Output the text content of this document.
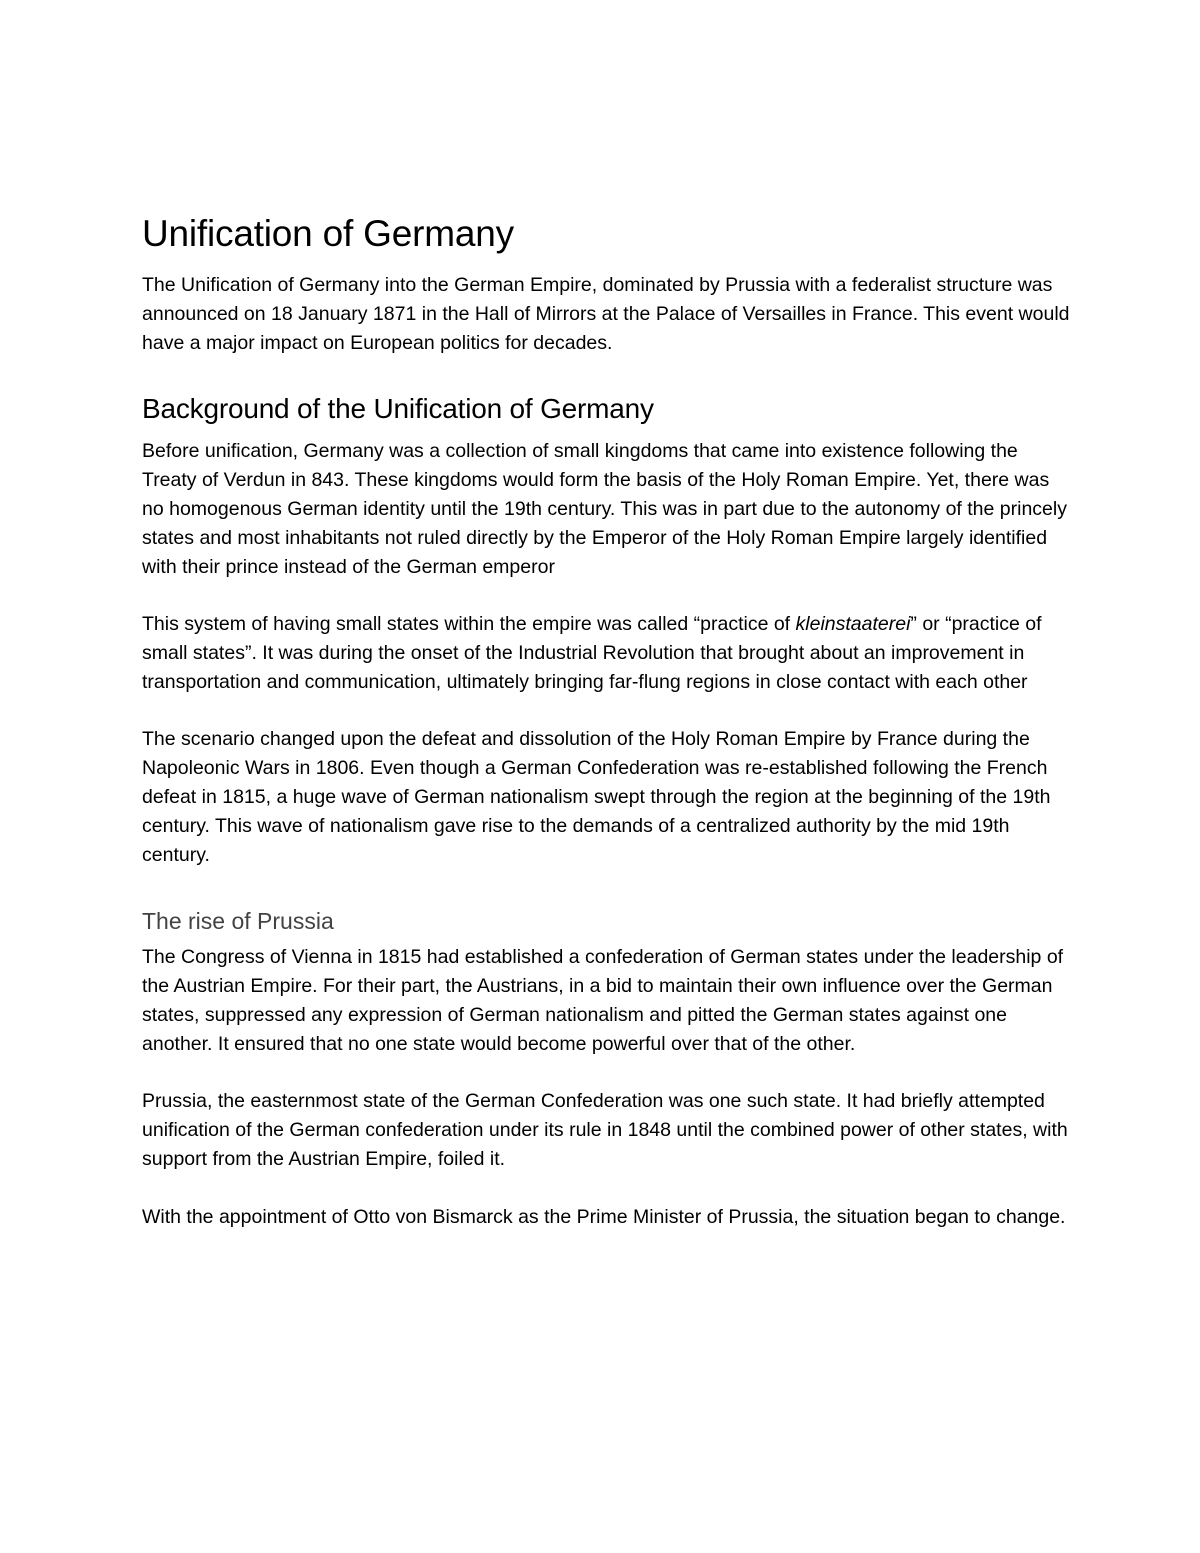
Unification of Germany

The Unification of Germany into the German Empire, dominated by Prussia with a federalist structure was announced on 18 January 1871 in the Hall of Mirrors at the Palace of Versailles in France. This event would have a major impact on European politics for decades.

Background of the Unification of Germany

Before unification, Germany was a collection of small kingdoms that came into existence following the Treaty of Verdun in 843. These kingdoms would form the basis of the Holy Roman Empire. Yet, there was no homogenous German identity until the 19th century. This was in part due to the autonomy of the princely states and most inhabitants not ruled directly by the Emperor of the Holy Roman Empire largely identified with their prince instead of the German emperor

This system of having small states within the empire was called “practice of kleinstaaterei” or “practice of small states”. It was during the onset of the Industrial Revolution that brought about an improvement in transportation and communication, ultimately bringing far-flung regions in close contact with each other

The scenario changed upon the defeat and dissolution of the Holy Roman Empire by France during the Napoleonic Wars in 1806. Even though a German Confederation was re-established following the French defeat in 1815, a huge wave of German nationalism swept through the region at the beginning of the 19th century. This wave of nationalism gave rise to the demands of a centralized authority by the mid 19th century.

The rise of Prussia

The Congress of Vienna in 1815 had established a confederation of German states under the leadership of the Austrian Empire. For their part, the Austrians, in a bid to maintain their own influence over the German states, suppressed any expression of German nationalism and pitted the German states against one another. It ensured that no one state would become powerful over that of the other.

Prussia, the easternmost state of the German Confederation was one such state. It had briefly attempted unification of the German confederation under its rule in 1848 until the combined power of other states, with support from the Austrian Empire, foiled it.

With the appointment of Otto von Bismarck as the Prime Minister of Prussia, the situation began to change.
